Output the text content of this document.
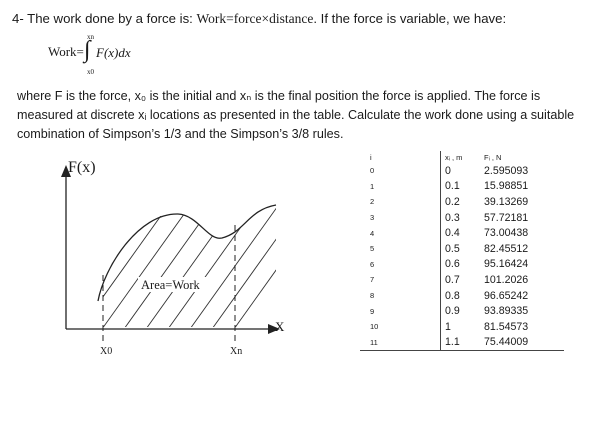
4- The work done by a force is: Work=force×distance. If the force is variable, we have:
Work=
xn
∫
x0
F(x)dx
where F is the force, x₀ is the initial and xₙ is the final position the force is applied. The force is measured at discrete xᵢ locations as presented in the table. Calculate the work done using a suitable combination of Simpson’s 1/3 and the Simpson’s 3/8 rules.
Area=Work
F(x)
X
X0	Xn
i	xᵢ , m	Fᵢ , N
0	0	2.595093
1	0.1	15.98851
2	0.2	39.13269
3	0.3	57.72181
4	0.4	73.00438
5	0.5	82.45512
6	0.6	95.16424
7	0.7	101.2026
8	0.8	96.65242
9	0.9	93.89335
10	1	81.54573
11	1.1	75.44009
